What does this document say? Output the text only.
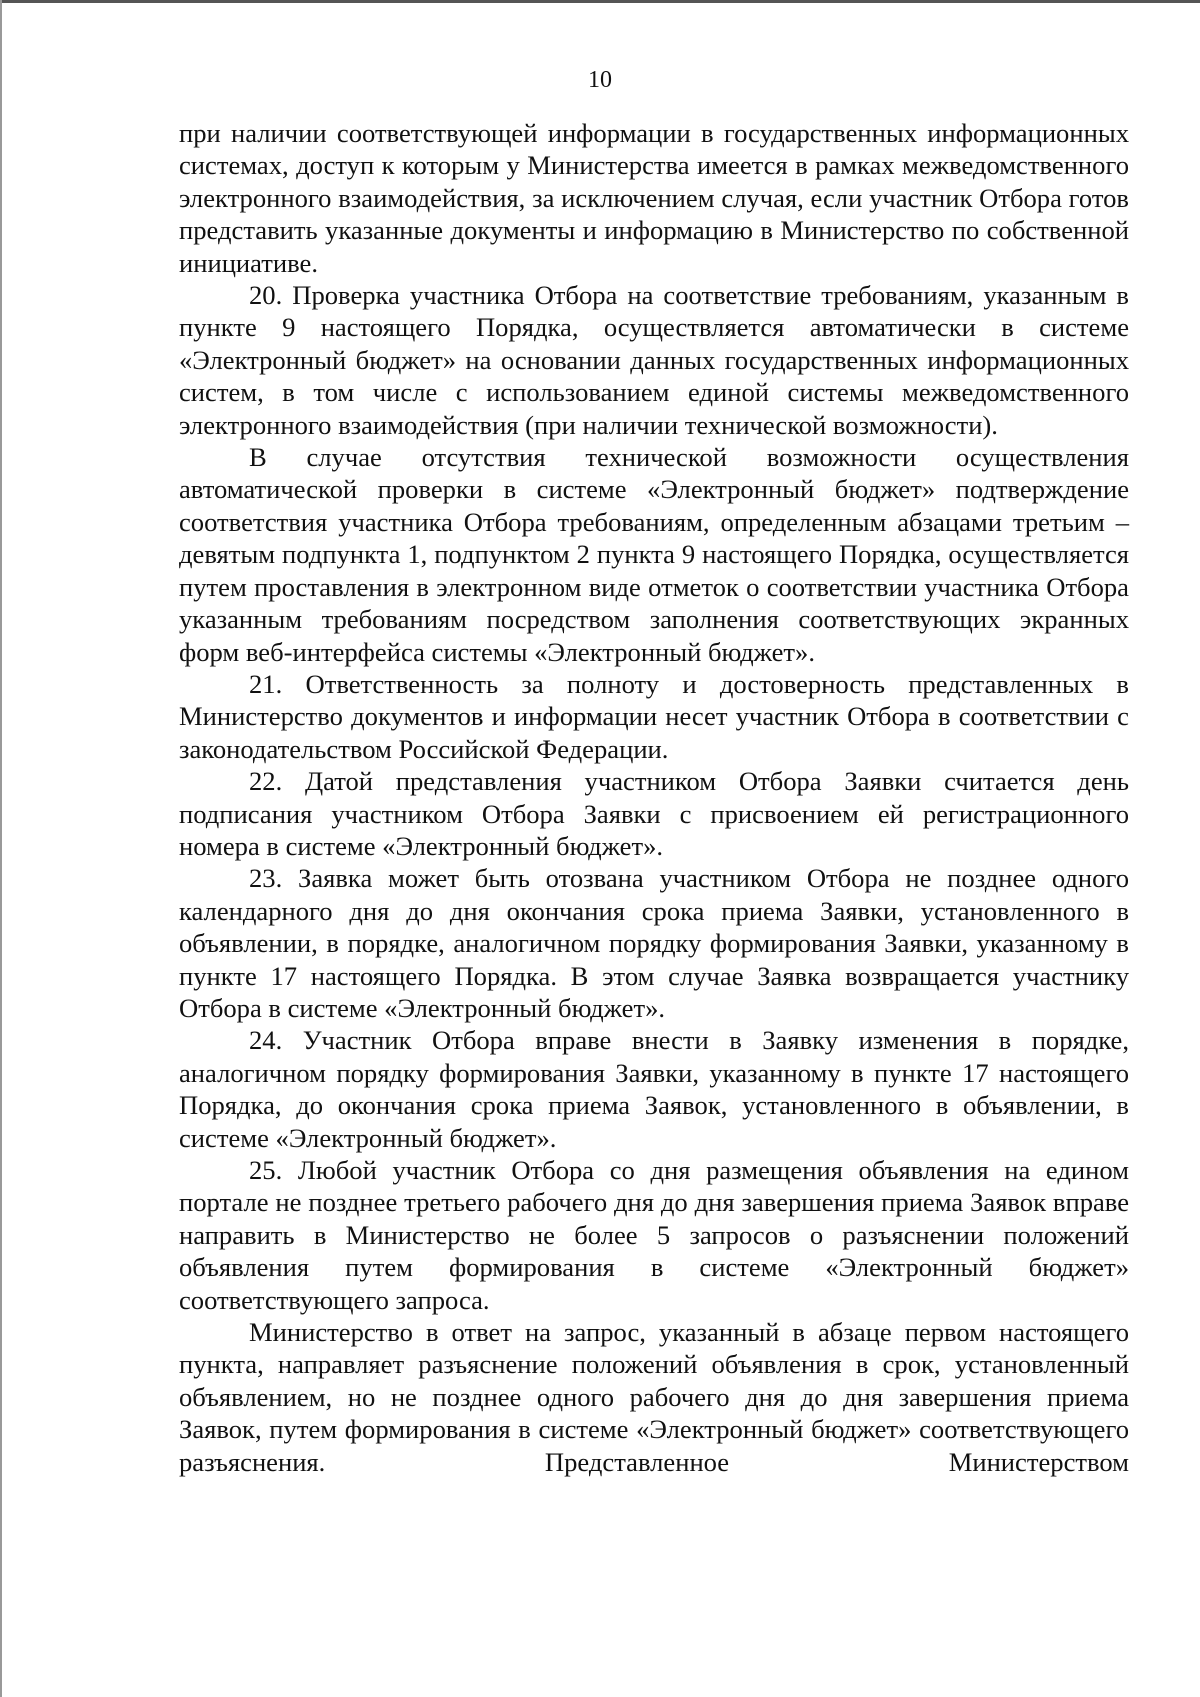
10

при наличии соответствующей информации в государственных информационных системах, доступ к которым у Министерства имеется в рамках межведомственного электронного взаимодействия, за исключением случая, если участник Отбора готов представить указанные документы и информацию в Министерство по собственной инициативе.

20. Проверка участника Отбора на соответствие требованиям, указанным в пункте 9 настоящего Порядка, осуществляется автоматически в системе «Электронный бюджет» на основании данных государственных информационных систем, в том числе с использованием единой системы межведомственного электронного взаимодействия (при наличии технической возможности).

В случае отсутствия технической возможности осуществления автоматической проверки в системе «Электронный бюджет» подтверждение соответствия участника Отбора требованиям, определенным абзацами третьим – девятым подпункта 1, подпунктом 2 пункта 9 настоящего Порядка, осуществляется путем проставления в электронном виде отметок о соответствии участника Отбора указанным требованиям посредством заполнения соответствующих экранных форм веб-интерфейса системы «Электронный бюджет».

21. Ответственность за полноту и достоверность представленных в Министерство документов и информации несет участник Отбора в соответствии с законодательством Российской Федерации.

22. Датой представления участником Отбора Заявки считается день подписания участником Отбора Заявки с присвоением ей регистрационного номера в системе «Электронный бюджет».

23. Заявка может быть отозвана участником Отбора не позднее одного календарного дня до дня окончания срока приема Заявки, установленного в объявлении, в порядке, аналогичном порядку формирования Заявки, указанному в пункте 17 настоящего Порядка. В этом случае Заявка возвращается участнику Отбора в системе «Электронный бюджет».

24. Участник Отбора вправе внести в Заявку изменения в порядке, аналогичном порядку формирования Заявки, указанному в пункте 17 настоящего Порядка, до окончания срока приема Заявок, установленного в объявлении, в системе «Электронный бюджет».

25. Любой участник Отбора со дня размещения объявления на едином портале не позднее третьего рабочего дня до дня завершения приема Заявок вправе направить в Министерство не более 5 запросов о разъяснении положений объявления путем формирования в системе «Электронный бюджет» соответствующего запроса.

Министерство в ответ на запрос, указанный в абзаце первом настоящего пункта, направляет разъяснение положений объявления в срок, установленный объявлением, но не позднее одного рабочего дня до дня завершения приема Заявок, путем формирования в системе «Электронный бюджет» соответствующего разъяснения. Представленное Министерством
